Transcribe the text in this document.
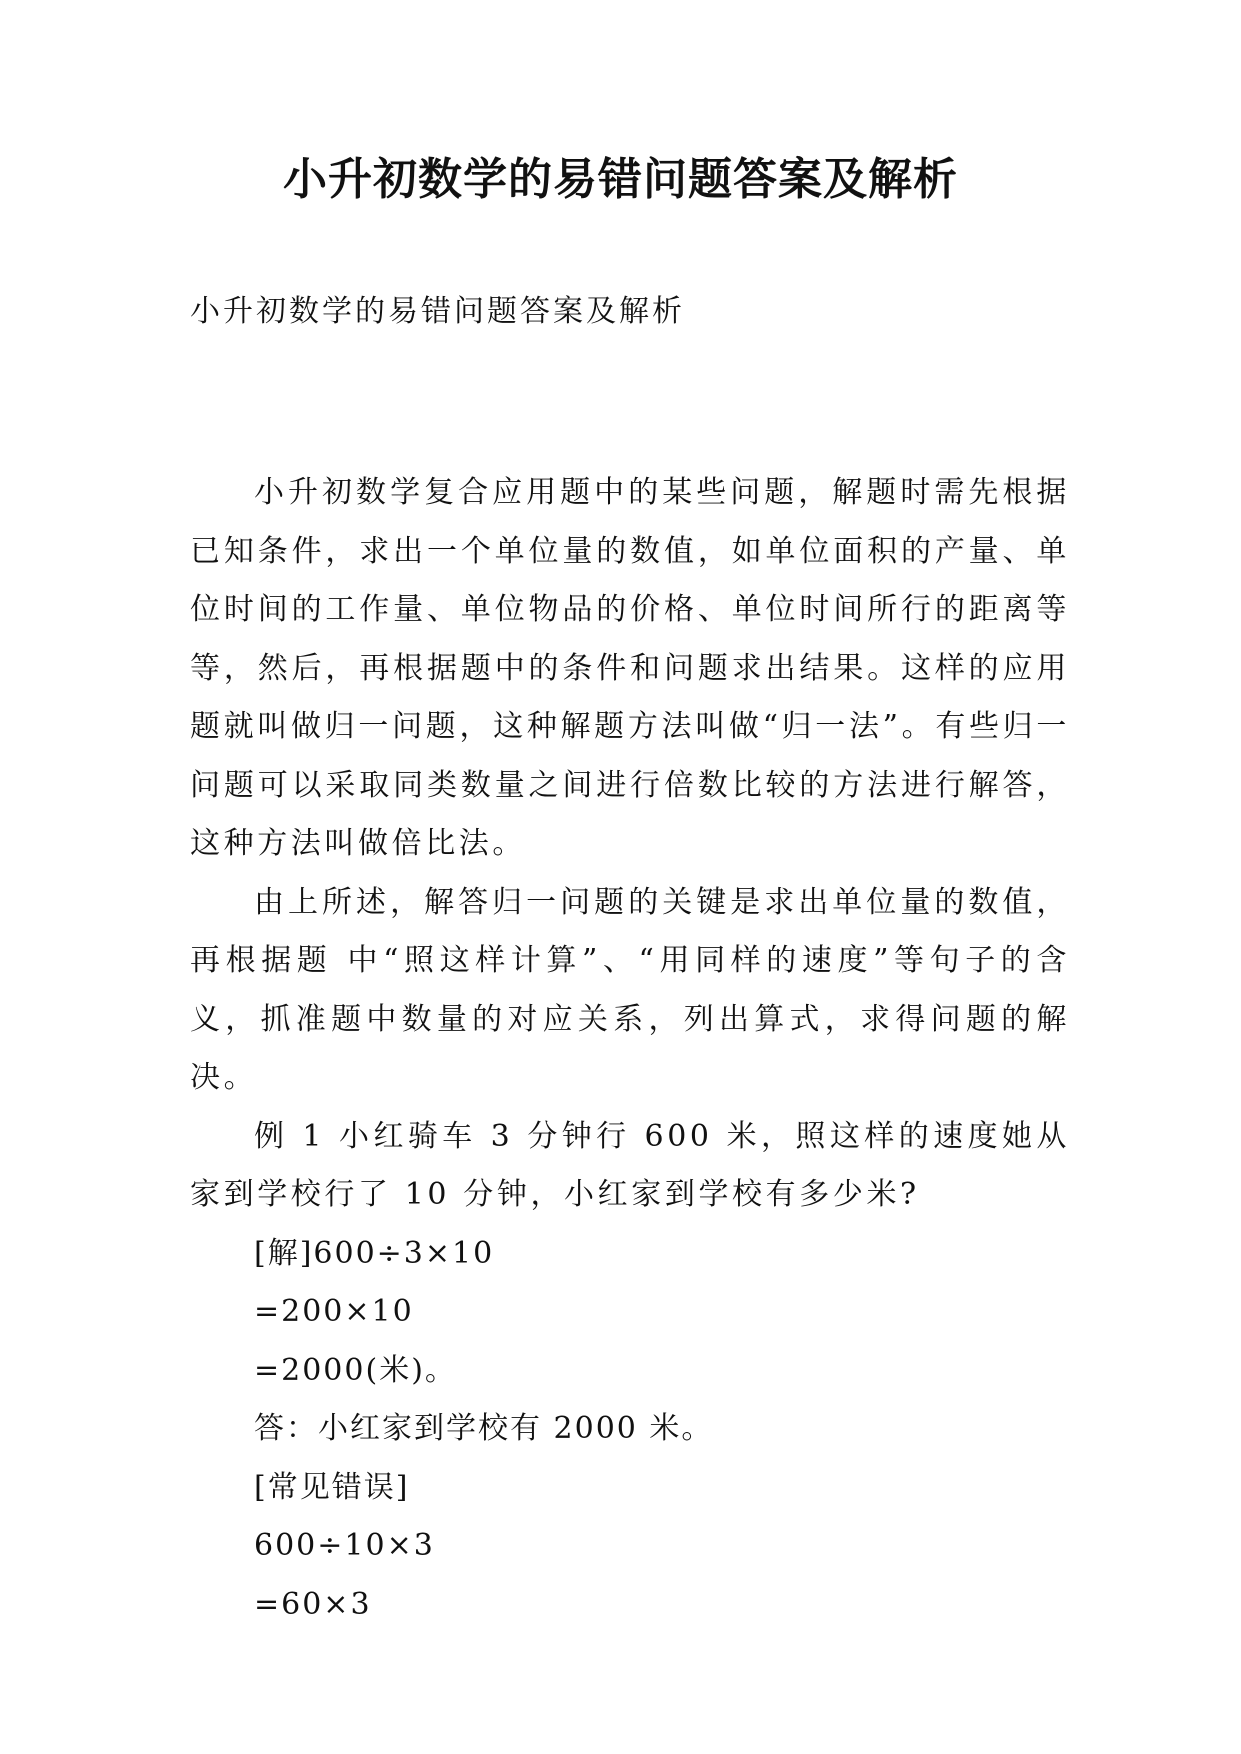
小升初数学的易错问题答案及解析

小升初数学的易错问题答案及解析

小升初数学复合应用题中的某些问题，解题时需先根据已知条件，求出一个单位量的数值，如单位面积的产量、单位时间的工作量、单位物品的价格、单位时间所行的距离等等，然后，再根据题中的条件和问题求出结果。这样的应用题就叫做归一问题，这种解题方法叫做“归一法”。有些归一问题可以采取同类数量之间进行倍数比较的方法进行解答，这种方法叫做倍比法。

由上所述，解答归一问题的关键是求出单位量的数值，再根据题 中“照这样计算”、“用同样的速度”等句子的含义，抓准题中数量的对应关系，列出算式，求得问题的解决。

例 1 小红骑车 3 分钟行 600 米，照这样的速度她从家到学校行了 10 分钟，小红家到学校有多少米?

[解]600÷3×10

=200×10

=2000(米)。

答：小红家到学校有 2000 米。

[常见错误]

600÷10×3

=60×3
